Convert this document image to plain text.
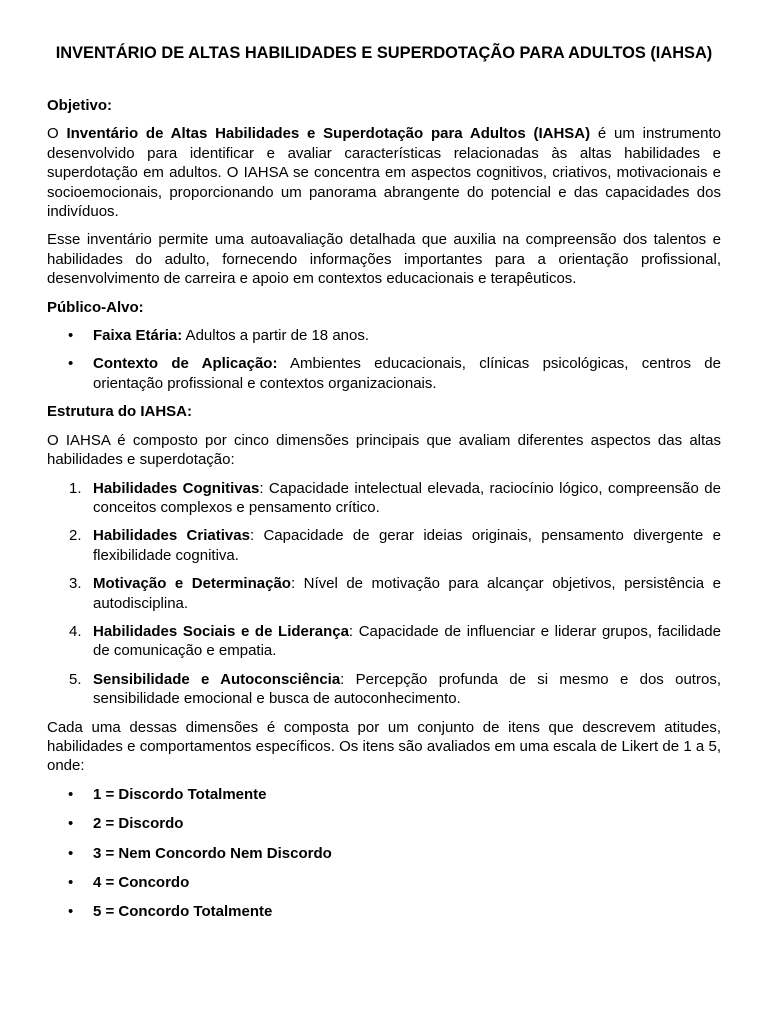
INVENTÁRIO DE ALTAS HABILIDADES E SUPERDOTAÇÃO PARA ADULTOS (IAHSA)
Objetivo:

O Inventário de Altas Habilidades e Superdotação para Adultos (IAHSA) é um instrumento desenvolvido para identificar e avaliar características relacionadas às altas habilidades e superdotação em adultos. O IAHSA se concentra em aspectos cognitivos, criativos, motivacionais e socioemocionais, proporcionando um panorama abrangente do potencial e das capacidades dos indivíduos.

Esse inventário permite uma autoavaliação detalhada que auxilia na compreensão dos talentos e habilidades do adulto, fornecendo informações importantes para a orientação profissional, desenvolvimento de carreira e apoio em contextos educacionais e terapêuticos.

Público-Alvo:
• Faixa Etária: Adultos a partir de 18 anos.
• Contexto de Aplicação: Ambientes educacionais, clínicas psicológicas, centros de orientação profissional e contextos organizacionais.
Estrutura do IAHSA:

O IAHSA é composto por cinco dimensões principais que avaliam diferentes aspectos das altas habilidades e superdotação:

1. Habilidades Cognitivas: Capacidade intelectual elevada, raciocínio lógico, compreensão de conceitos complexos e pensamento crítico.
2. Habilidades Criativas: Capacidade de gerar ideias originais, pensamento divergente e flexibilidade cognitiva.
3. Motivação e Determinação: Nível de motivação para alcançar objetivos, persistência e autodisciplina.
4. Habilidades Sociais e de Liderança: Capacidade de influenciar e liderar grupos, facilidade de comunicação e empatia.
5. Sensibilidade e Autoconsciência: Percepção profunda de si mesmo e dos outros, sensibilidade emocional e busca de autoconhecimento.

Cada uma dessas dimensões é composta por um conjunto de itens que descrevem atitudes, habilidades e comportamentos específicos. Os itens são avaliados em uma escala de Likert de 1 a 5, onde:

• 1 = Discordo Totalmente
• 2 = Discordo
• 3 = Nem Concordo Nem Discordo
• 4 = Concordo
• 5 = Concordo Totalmente
